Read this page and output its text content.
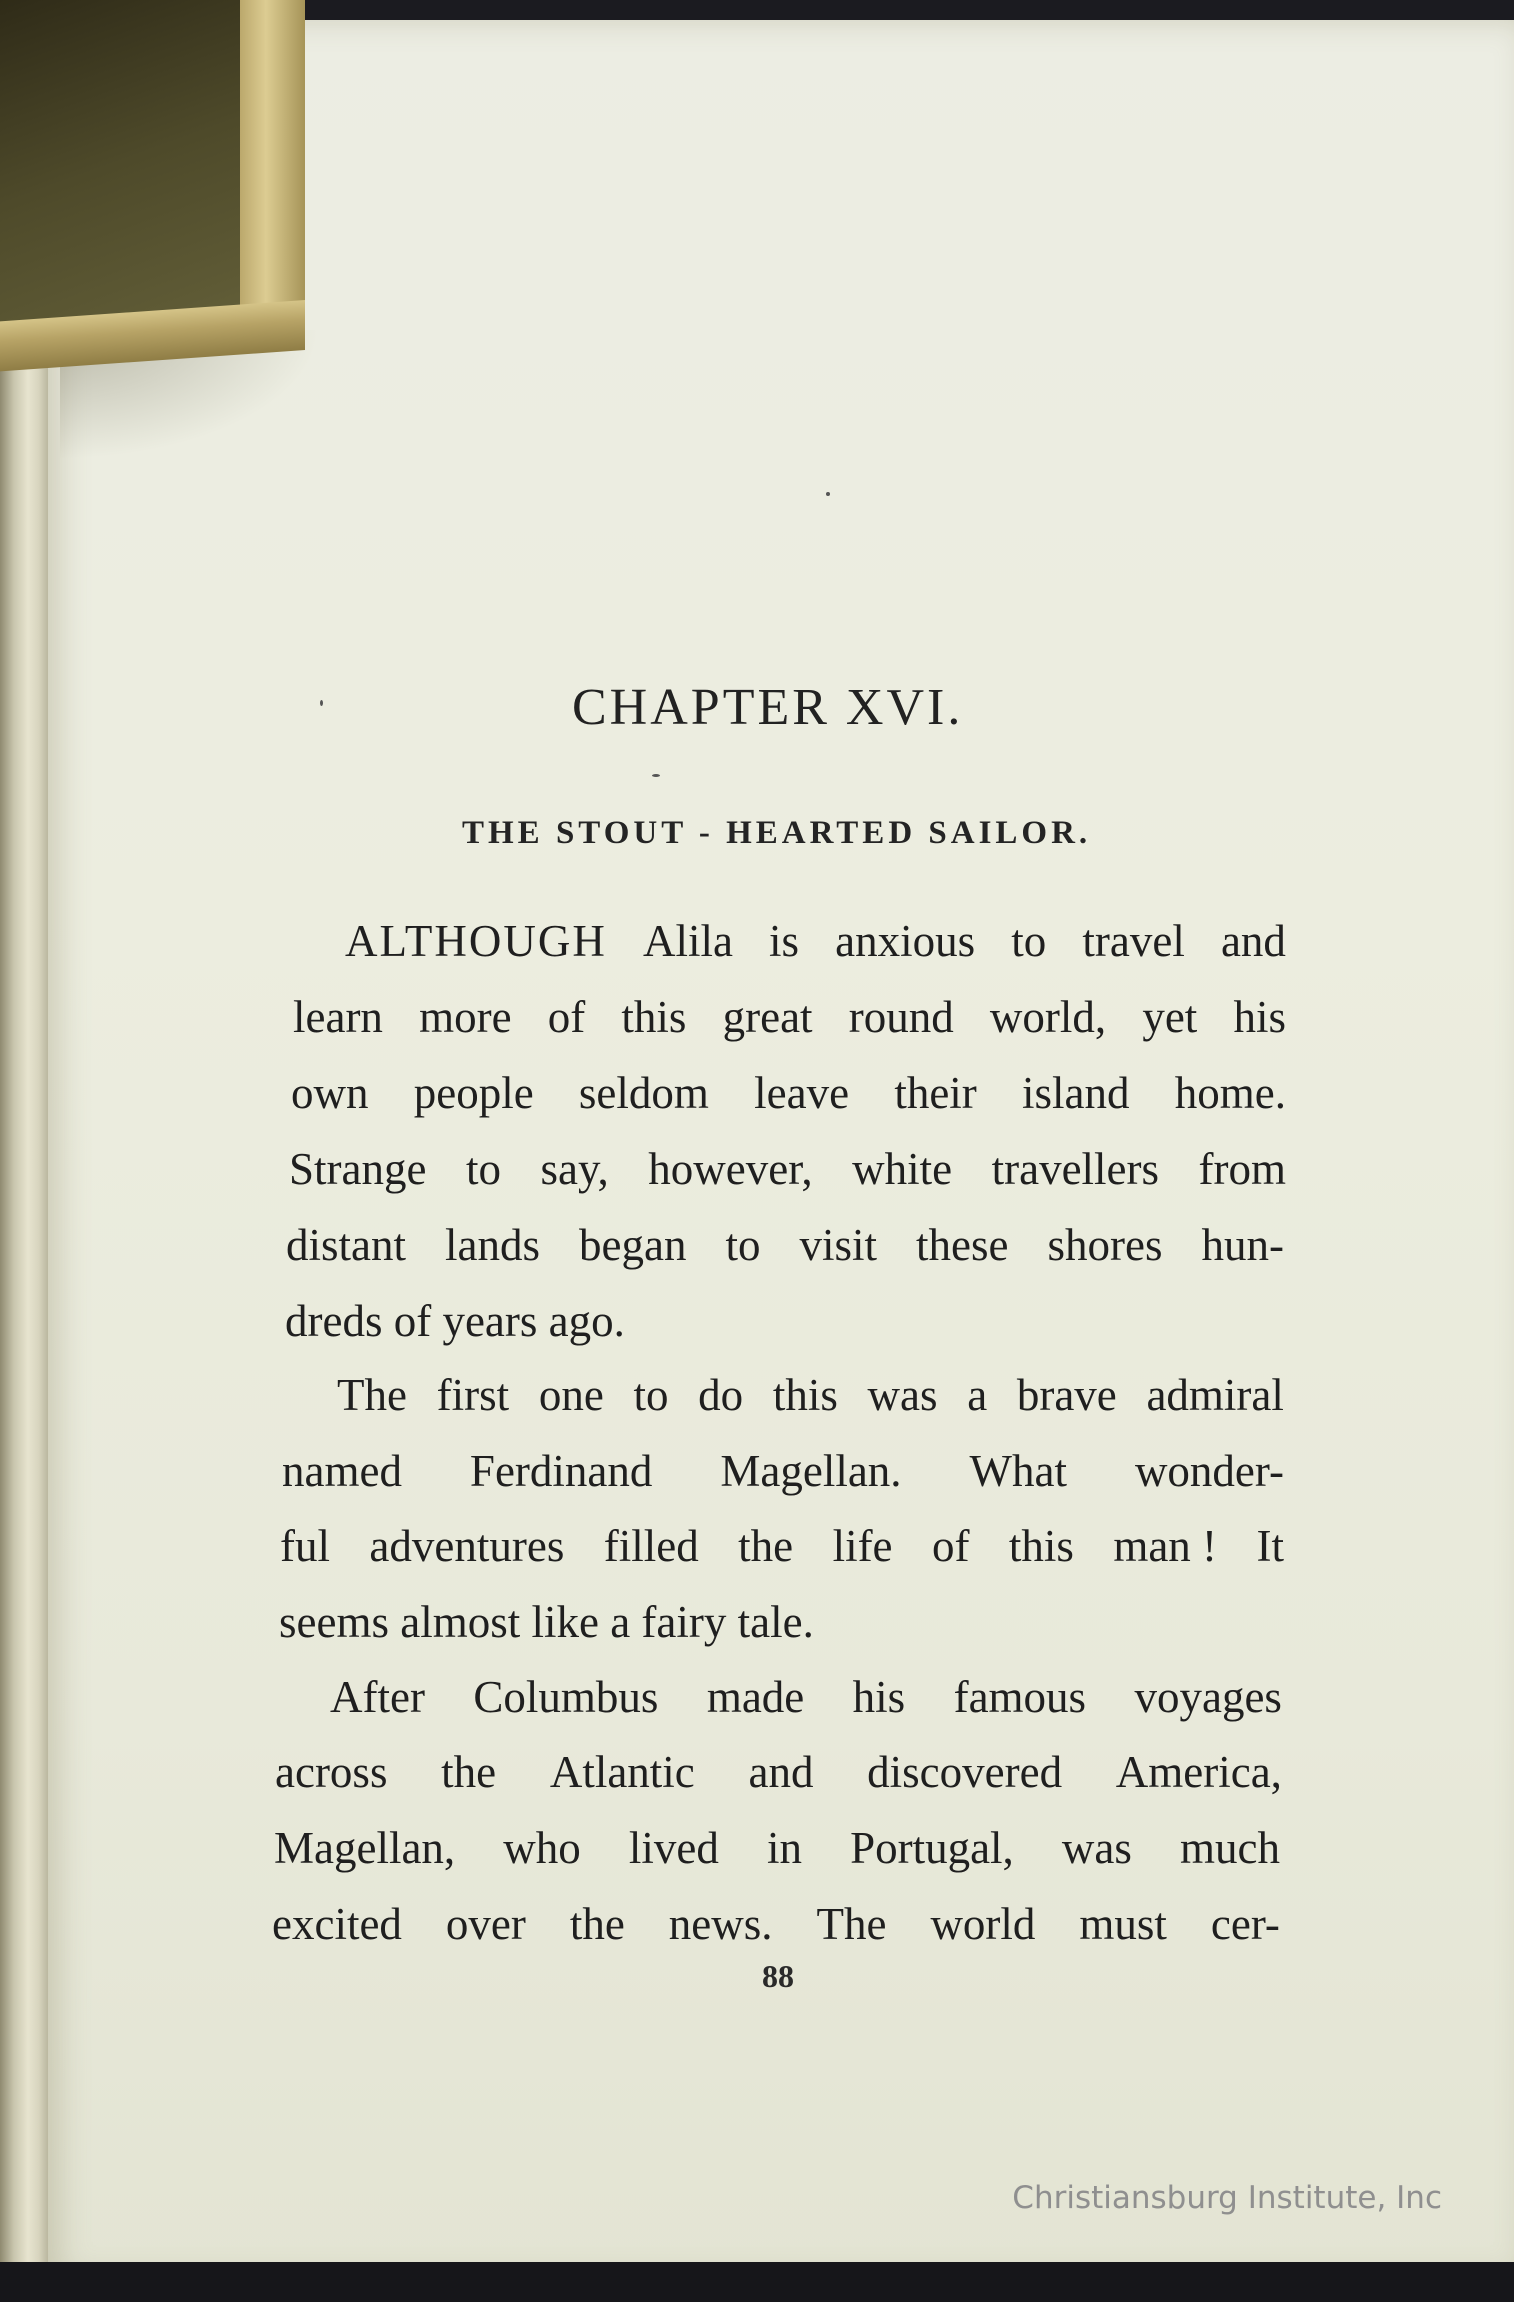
CHAPTER XVI.
THE STOUT - HEARTED SAILOR.
ALTHOUGH Alila is anxious to travel and
learn more of this great round world, yet his
own people seldom leave their island home.
Strange to say, however, white travellers from
distant lands began to visit these shores hun-
dreds of years ago.
The first one to do this was a brave admiral
named Ferdinand Magellan. What wonder-
ful adventures filled the life of this man ! It
seems almost like a fairy tale.
After Columbus made his famous voyages
across the Atlantic and discovered America,
Magellan, who lived in Portugal, was much
excited over the news. The world must cer-
88
Christiansburg Institute, Inc
